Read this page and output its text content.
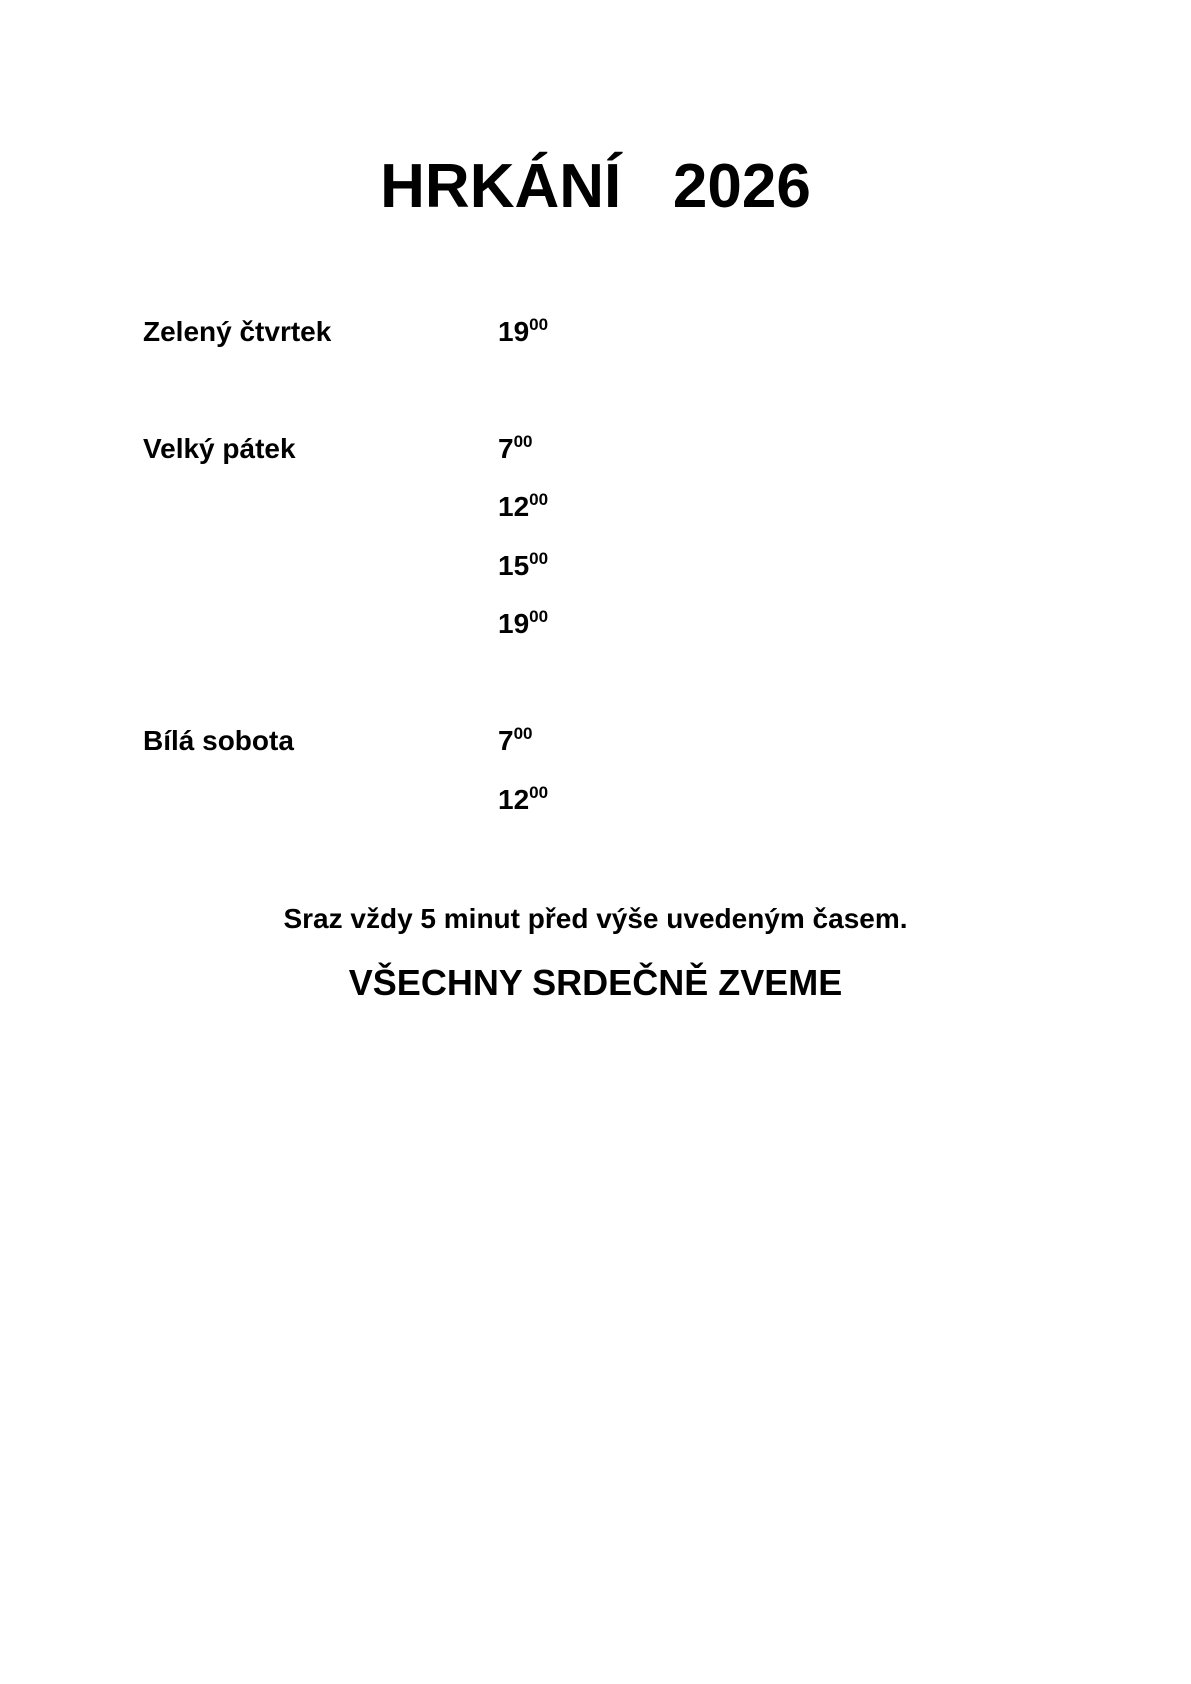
HRKÁNÍ   2026
Zelený čtvrtek	$19^{00}$
Velký pátek	$7^{00}$
$12^{00}$
$15^{00}$
$19^{00}$
Bílá sobota	$7^{00}$
$12^{00}$
Sraz vždy 5 minut před výše uvedeným časem.
VŠECHNY SRDEČNĚ ZVEME
